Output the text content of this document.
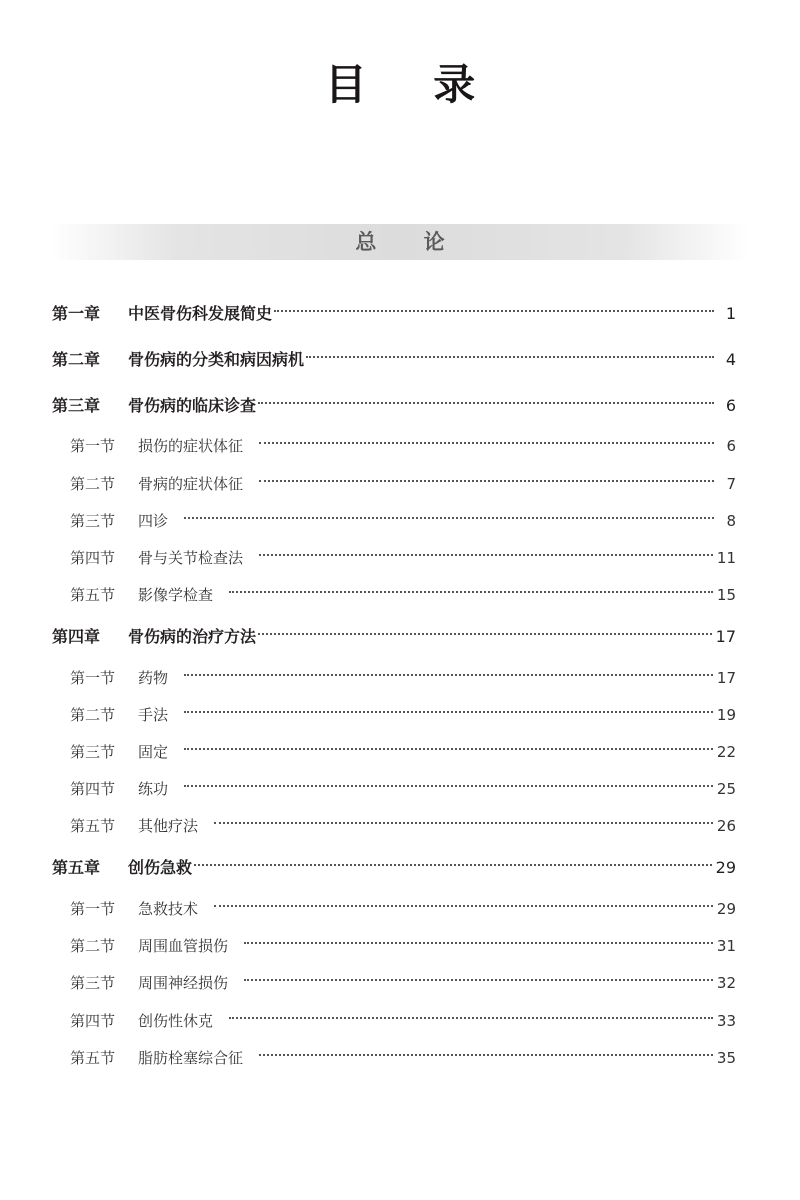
目 录
总 论
第一章	中医骨伤科发展简史	1
第二章	骨伤病的分类和病因病机	4
第三章	骨伤病的临床诊查	6
第一节	损伤的症状体征	6
第二节	骨病的症状体征	7
第三节	四诊	8
第四节	骨与关节检查法	11
第五节	影像学检查	15
第四章	骨伤病的治疗方法	17
第一节	药物	17
第二节	手法	19
第三节	固定	22
第四节	练功	25
第五节	其他疗法	26
第五章	创伤急救	29
第一节	急救技术	29
第二节	周围血管损伤	31
第三节	周围神经损伤	32
第四节	创伤性休克	33
第五节	脂肪栓塞综合征	35
